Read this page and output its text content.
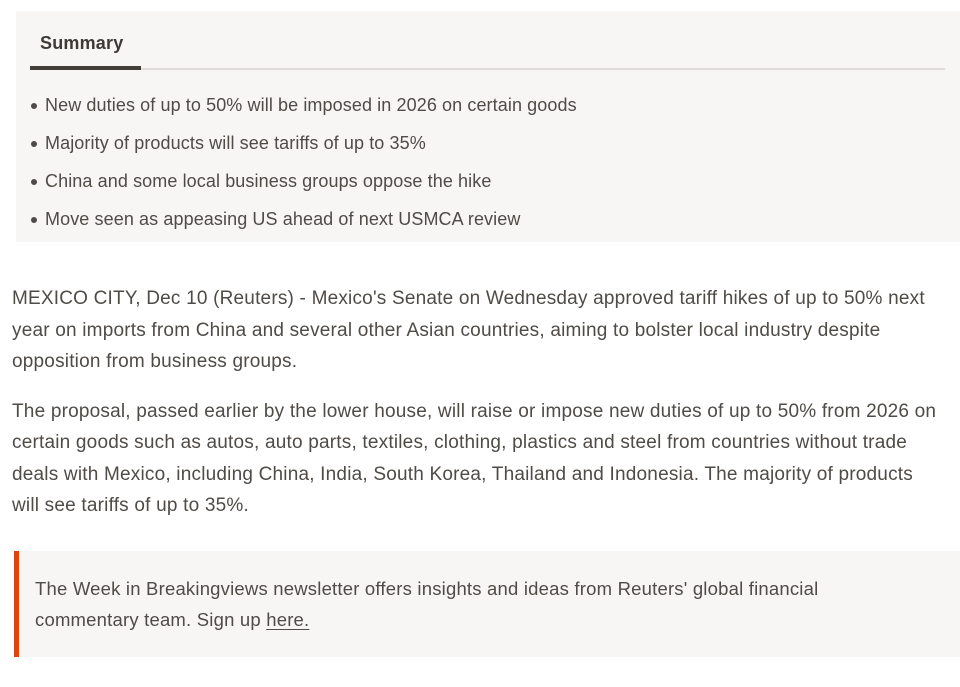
Summary
New duties of up to 50% will be imposed in 2026 on certain goods
Majority of products will see tariffs of up to 35%
China and some local business groups oppose the hike
Move seen as appeasing US ahead of next USMCA review

MEXICO CITY, Dec 10 (Reuters) - Mexico's Senate on Wednesday approved tariff hikes of up to 50% next year on imports from China and several other Asian countries, aiming to bolster local industry despite opposition from business groups.

The proposal, passed earlier by the lower house, will raise or impose new duties of up to 50% from 2026 on certain goods such as autos, auto parts, textiles, clothing, plastics and steel from countries without trade deals with Mexico, including China, India, South Korea, Thailand and Indonesia. The majority of products will see tariffs of up to 35%.

The Week in Breakingviews newsletter offers insights and ideas from Reuters' global financial commentary team. Sign up here.
